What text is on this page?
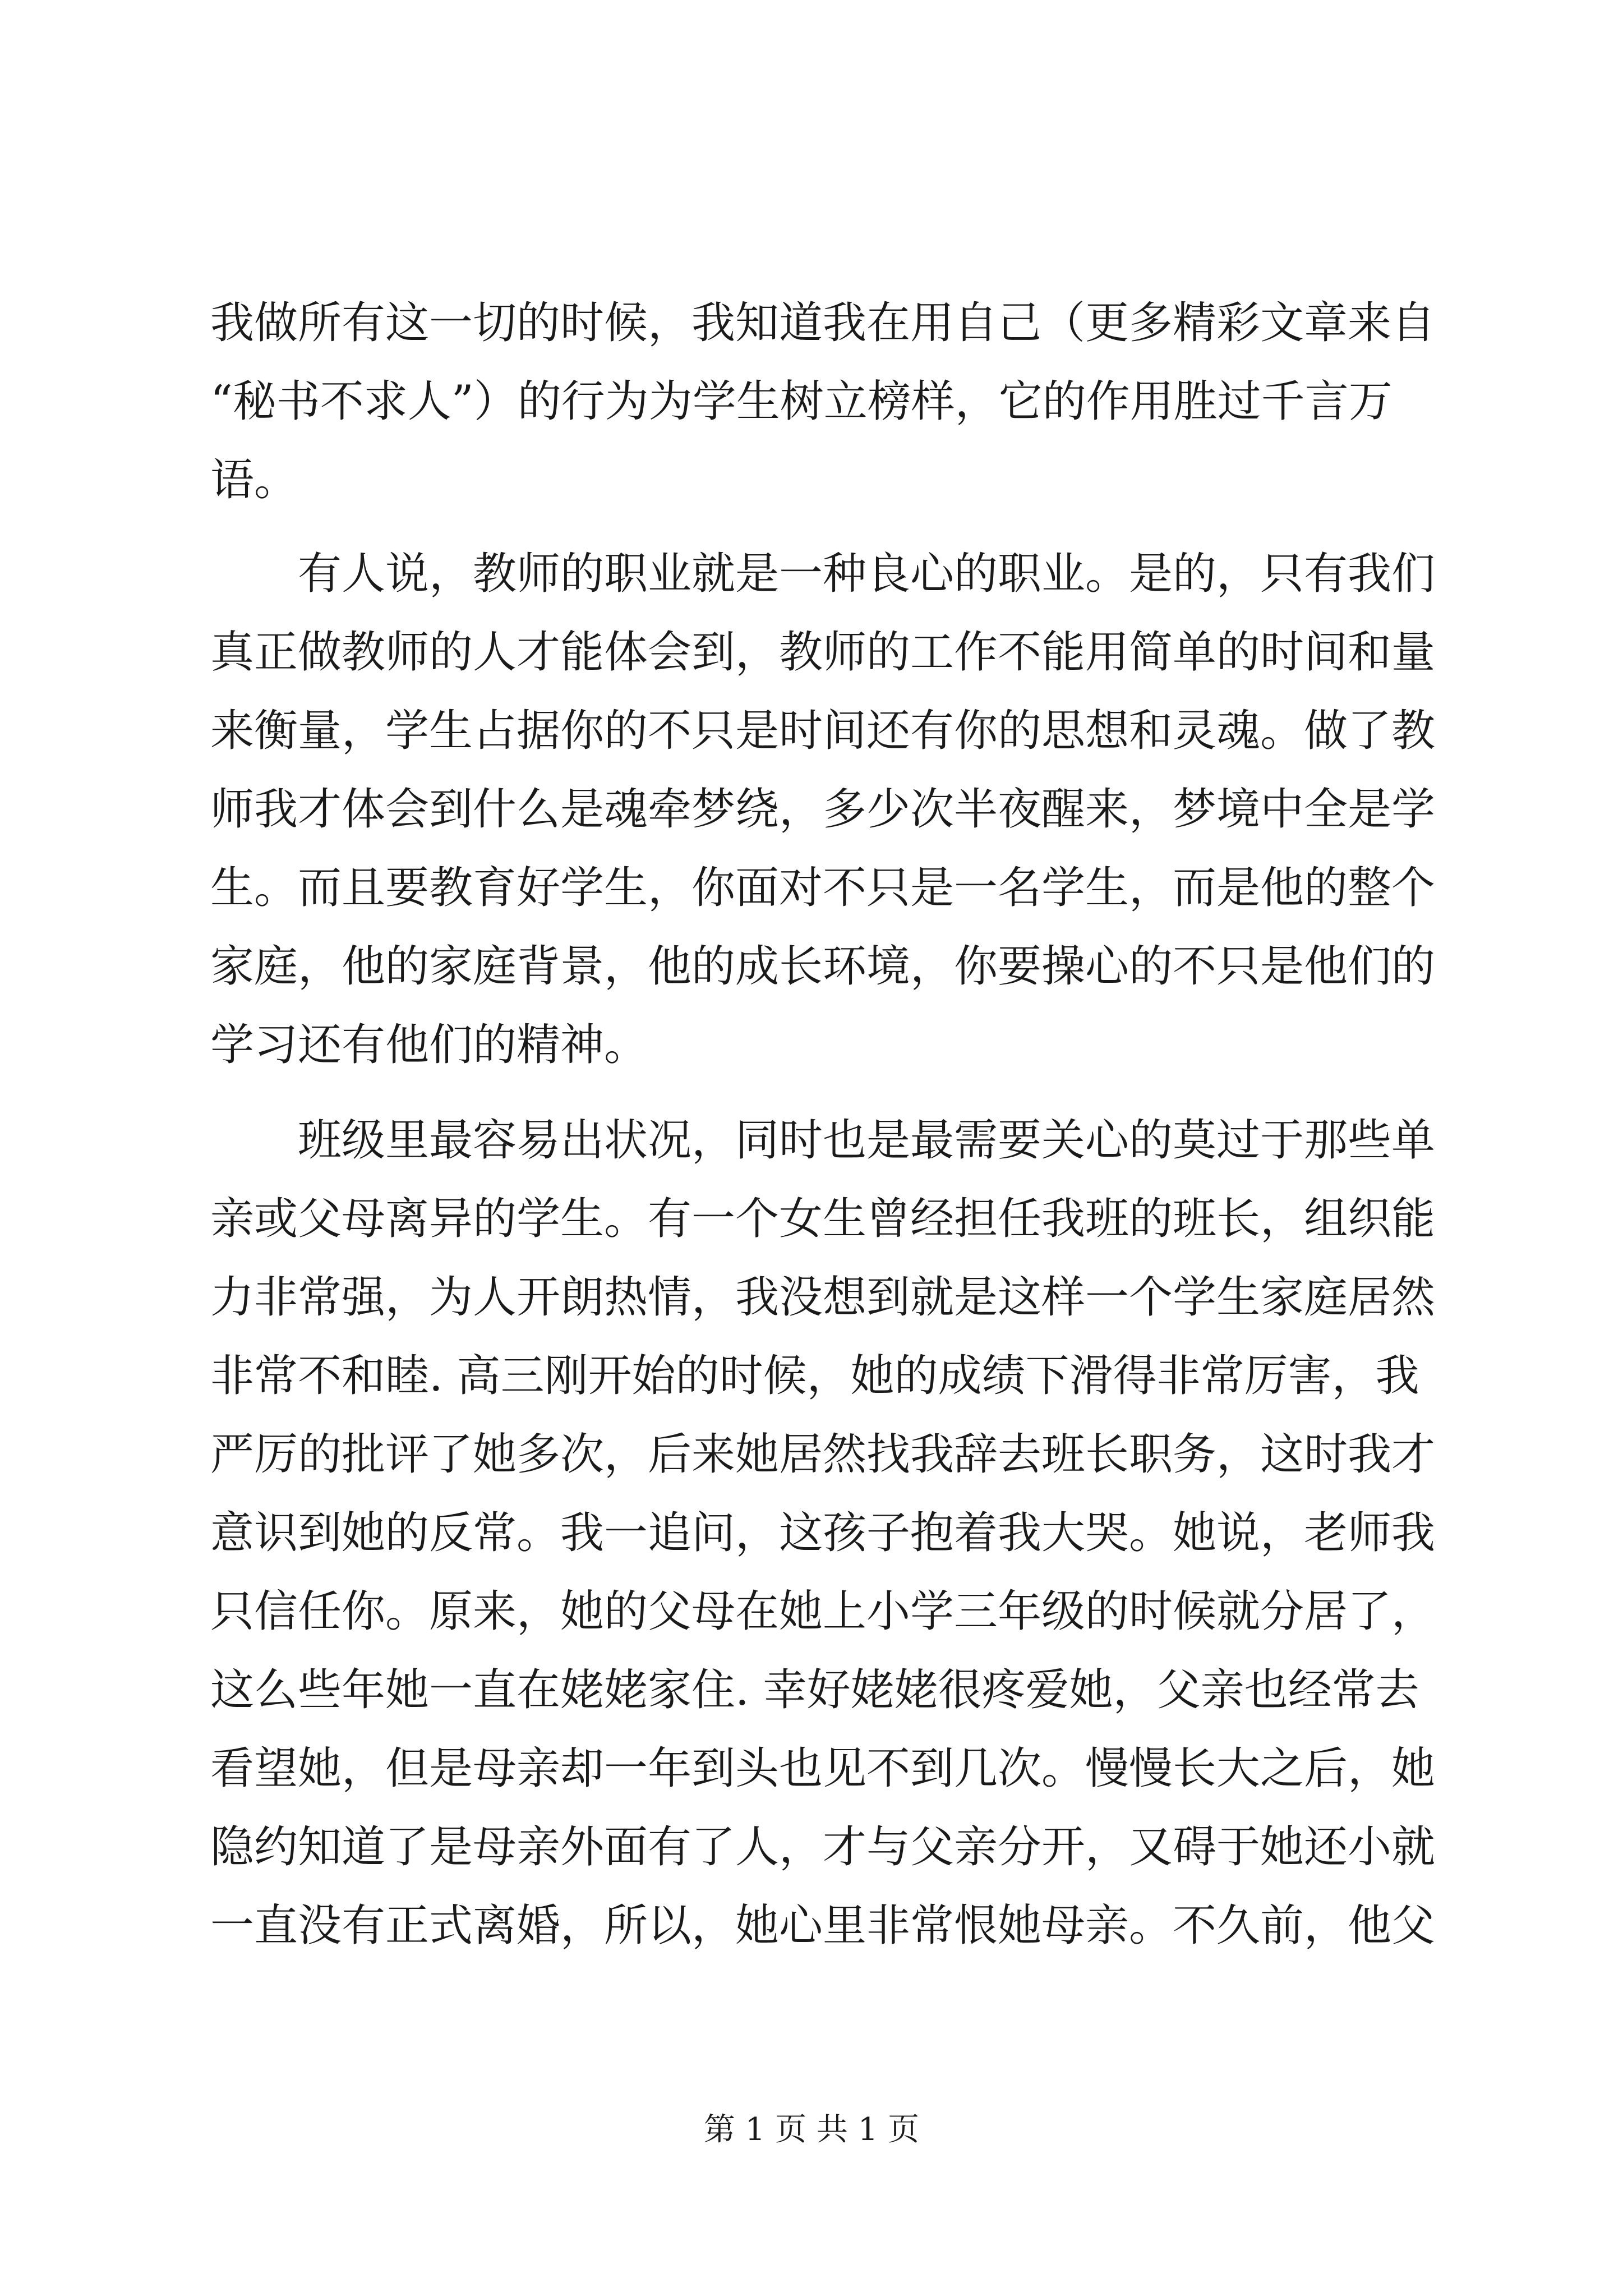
我做所有这一切的时候，我知道我在用自己（更多精彩文章来自
“秘书不求人”）的行为为学生树立榜样，它的作用胜过千言万
语。
有人说，教师的职业就是一种良心的职业。是的，只有我们
真正做教师的人才能体会到，教师的工作不能用简单的时间和量
来衡量，学生占据你的不只是时间还有你的思想和灵魂。做了教
师我才体会到什么是魂牵梦绕，多少次半夜醒来，梦境中全是学
生。而且要教育好学生，你面对不只是一名学生，而是他的整个
家庭，他的家庭背景，他的成长环境，你要操心的不只是他们的
学习还有他们的精神。
班级里最容易出状况，同时也是最需要关心的莫过于那些单
亲或父母离异的学生。有一个女生曾经担任我班的班长，组织能
力非常强，为人开朗热情，我没想到就是这样一个学生家庭居然
非常不和睦. 高三刚开始的时候，她的成绩下滑得非常厉害，我
严厉的批评了她多次，后来她居然找我辞去班长职务，这时我才
意识到她的反常。我一追问，这孩子抱着我大哭。她说，老师我
只信任你。原来，她的父母在她上小学三年级的时候就分居了，
这么些年她一直在姥姥家住. 幸好姥姥很疼爱她，父亲也经常去
看望她，但是母亲却一年到头也见不到几次。慢慢长大之后，她
隐约知道了是母亲外面有了人，才与父亲分开，又碍于她还小就
一直没有正式离婚，所以，她心里非常恨她母亲。不久前，他父
第 1 页 共 1 页
